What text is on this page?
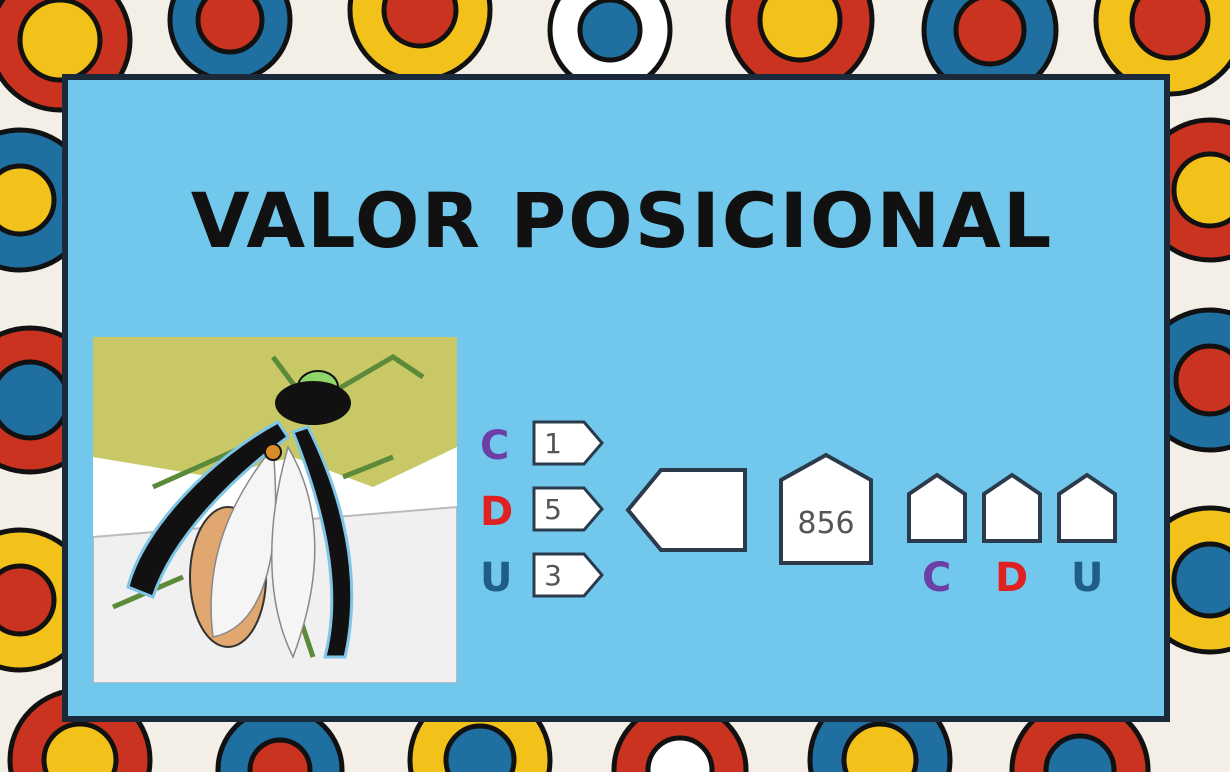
VALOR POSICIONAL
C	1
D	5
U	3
856
C D U
